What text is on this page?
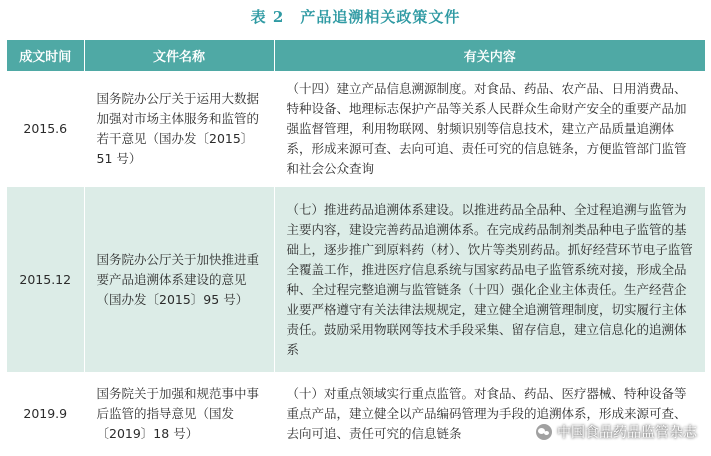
表 2　产品追溯相关政策文件
成文时间	文件名称	有关内容
2015.6	国务院办公厅关于运用大数据加强对市场主体服务和监管的若干意见（国办发〔2015〕51 号）	（十四）建立产品信息溯源制度。对食品、药品、农产品、日用消费品、特种设备、地理标志保护产品等关系人民群众生命财产安全的重要产品加强监督管理，利用物联网、射频识别等信息技术，建立产品质量追溯体系，形成来源可查、去向可追、责任可究的信息链条，方便监管部门监管和社会公众查询
2015.12	国务院办公厅关于加快推进重要产品追溯体系建设的意见（国办发〔2015〕95 号）	（七）推进药品追溯体系建设。以推进药品全品种、全过程追溯与监管为主要内容，建设完善药品追溯体系。在完成药品制剂类品种电子监管的基础上，逐步推广到原料药（材）、饮片等类别药品。抓好经营环节电子监管全覆盖工作，推进医疗信息系统与国家药品电子监管系统对接，形成全品种、全过程完整追溯与监管链条（十四）强化企业主体责任。生产经营企业要严格遵守有关法律法规规定，建立健全追溯管理制度，切实履行主体责任。鼓励采用物联网等技术手段采集、留存信息，建立信息化的追溯体系
2019.9	国务院关于加强和规范事中事后监管的指导意见（国发〔2019〕18 号）	（十）对重点领域实行重点监管。对食品、药品、医疗器械、特种设备等重点产品，建立健全以产品编码管理为手段的追溯体系，形成来源可查、去向可追、责任可究的信息链条	中国食品药品监管杂志
